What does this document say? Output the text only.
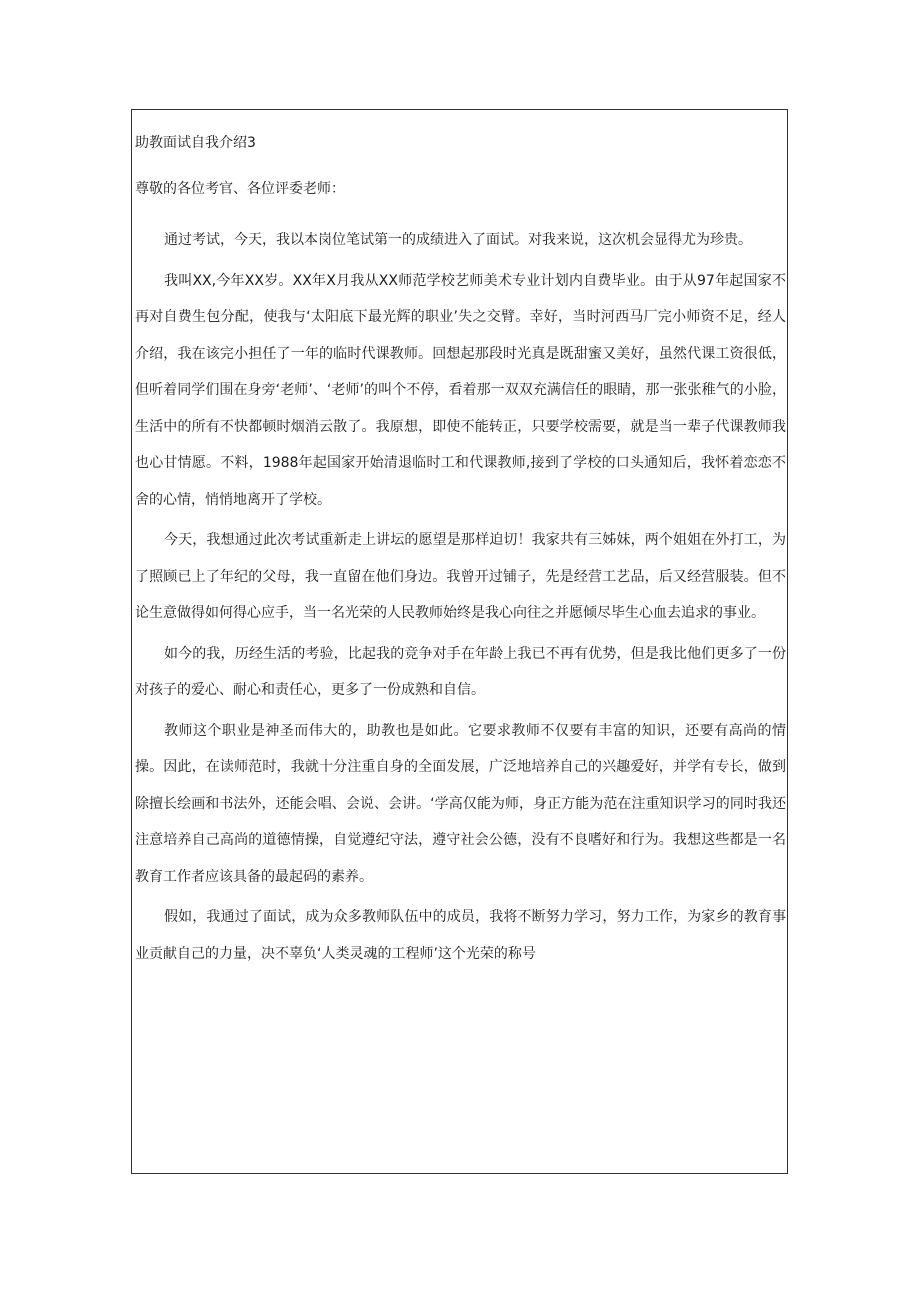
助教面试自我介绍3

尊敬的各位考官、各位评委老师：

通过考试，今天，我以本岗位笔试第一的成绩进入了面试。对我来说，这次机会显得尤为珍贵。

我叫XX,今年XX岁。XX年X月我从XX师范学校艺师美术专业计划内自费毕业。由于从97年起国家不再对自费生包分配，使我与‘太阳底下最光辉的职业’失之交臂。幸好，当时河西马厂完小师资不足，经人介绍，我在该完小担任了一年的临时代课教师。回想起那段时光真是既甜蜜又美好，虽然代课工资很低，但听着同学们围在身旁‘老师’、‘老师’的叫个不停，看着那一双双充满信任的眼睛，那一张张稚气的小脸，生活中的所有不快都顿时烟消云散了。我原想，即使不能转正，只要学校需要，就是当一辈子代课教师我也心甘情愿。不料，1988年起国家开始清退临时工和代课教师,接到了学校的口头通知后，我怀着恋恋不舍的心情，悄悄地离开了学校。

今天，我想通过此次考试重新走上讲坛的愿望是那样迫切！我家共有三姊妹，两个姐姐在外打工，为了照顾已上了年纪的父母，我一直留在他们身边。我曾开过铺子，先是经营工艺品，后又经营服装。但不论生意做得如何得心应手，当一名光荣的人民教师始终是我心向往之并愿倾尽毕生心血去追求的事业。

如今的我，历经生活的考验，比起我的竞争对手在年龄上我已不再有优势，但是我比他们更多了一份对孩子的爱心、耐心和责任心，更多了一份成熟和自信。

教师这个职业是神圣而伟大的，助教也是如此。它要求教师不仅要有丰富的知识，还要有高尚的情操。因此，在读师范时，我就十分注重自身的全面发展，广泛地培养自己的兴趣爱好，并学有专长，做到除擅长绘画和书法外，还能会唱、会说、会讲。‘学高仅能为师，身正方能为范在注重知识学习的同时我还注意培养自己高尚的道德情操，自觉遵纪守法，遵守社会公德，没有不良嗜好和行为。我想这些都是一名教育工作者应该具备的最起码的素养。

假如，我通过了面试，成为众多教师队伍中的成员，我将不断努力学习，努力工作，为家乡的教育事业贡献自己的力量，决不辜负‘人类灵魂的工程师’这个光荣的称号
